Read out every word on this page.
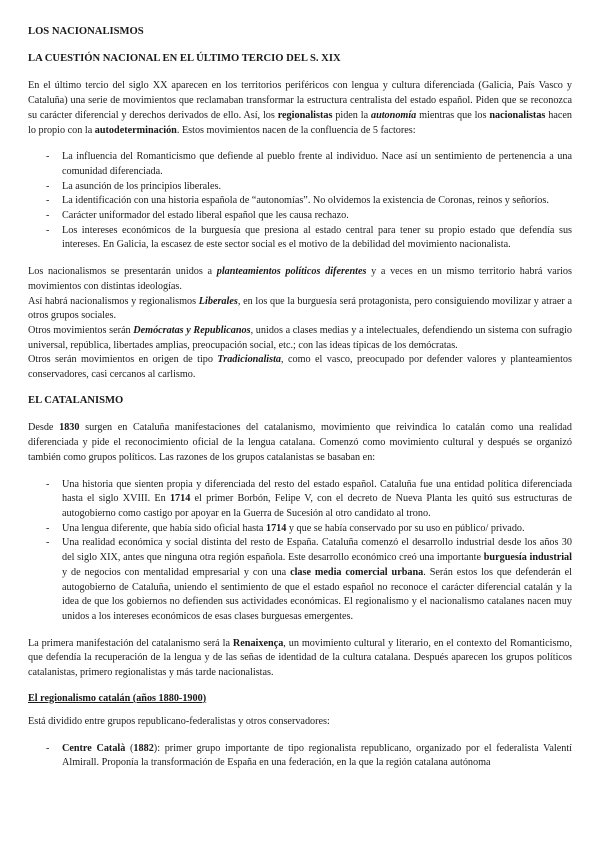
LOS NACIONALISMOS
LA CUESTIÓN NACIONAL EN EL ÚLTIMO TERCIO DEL S. XIX

En el último tercio del siglo XX aparecen en los territorios periféricos con lengua y cultura diferenciada (Galicia, País Vasco y Cataluña) una serie de movimientos que reclamaban transformar la estructura centralista del estado español. Piden que se reconozca su carácter diferencial y derechos derivados de ello. Así, los regionalistas piden la autonomía mientras que los nacionalistas hacen lo propio con la autodeterminación. Estos movimientos nacen de la confluencia de 5 factores:

- La influencia del Romanticismo que defiende al pueblo frente al individuo. Nace así un sentimiento de pertenencia a una comunidad diferenciada.
- La asunción de los principios liberales.
- La identificación con una historia española de “autonomías”. No olvidemos la existencia de Coronas, reinos y señoríos.
- Carácter uniformador del estado liberal español que les causa rechazo.
- Los intereses económicos de la burguesía que presiona al estado central para tener su propio estado que defendía sus intereses. En Galicia, la escasez de este sector social es el motivo de la debilidad del movimiento nacionalista.

Los nacionalismos se presentarán unidos a planteamientos políticos diferentes y a veces en un mismo territorio habrá varios movimientos con distintas ideologías.

Así habrá nacionalismos y regionalismos Liberales, en los que la burguesía será protagonista, pero consiguiendo movilizar y atraer a otros grupos sociales.

Otros movimientos serán Demócratas y Republicanos, unidos a clases medias y a intelectuales, defendiendo un sistema con sufragio universal, república, libertades amplias, preocupación social, etc.; con las ideas típicas de los demócratas.

Otros serán movimientos en origen de tipo Tradicionalista, como el vasco, preocupado por defender valores y planteamientos conservadores, casi cercanos al carlismo.

EL CATALANISMO

Desde 1830 surgen en Cataluña manifestaciones del catalanismo, movimiento que reivindica lo catalán como una realidad diferenciada y pide el reconocimiento oficial de la lengua catalana. Comenzó como movimiento cultural y después se organizó también como grupos políticos. Las razones de los grupos catalanistas se basaban en:

- Una historia que sienten propia y diferenciada del resto del estado español. Cataluña fue una entidad política diferenciada hasta el siglo XVIII. En 1714 el primer Borbón, Felipe V, con el decreto de Nueva Planta les quitó sus estructuras de autogobierno como castigo por apoyar en la Guerra de Sucesión al otro candidato al trono.
- Una lengua diferente, que había sido oficial hasta 1714 y que se había conservado por su uso en público/ privado.
- Una realidad económica y social distinta del resto de España. Cataluña comenzó el desarrollo industrial desde los años 30 del siglo XIX, antes que ninguna otra región española. Este desarrollo económico creó una importante burguesía industrial y de negocios con mentalidad empresarial y con una clase media comercial urbana. Serán estos los que defenderán el autogobierno de Cataluña, uniendo el sentimiento de que el estado español no reconoce el carácter diferencial catalán y la idea de que los gobiernos no defienden sus actividades económicas. El regionalismo y el nacionalismo catalanes nacen muy unidos a los intereses económicos de esas clases burguesas emergentes.

La primera manifestación del catalanismo será la Renaixença, un movimiento cultural y literario, en el contexto del Romanticismo, que defendía la recuperación de la lengua y de las señas de identidad de la cultura catalana. Después aparecen los grupos políticos catalanistas, primero regionalistas y más tarde nacionalistas.

El regionalismo catalán (años 1880-1900)

Está dividido entre grupos republicano-federalistas y otros conservadores:

- Centre Català (1882): primer grupo importante de tipo regionalista republicano, organizado por el federalista Valentí Almirall. Proponía la transformación de España en una federación, en la que la región catalana autónoma
